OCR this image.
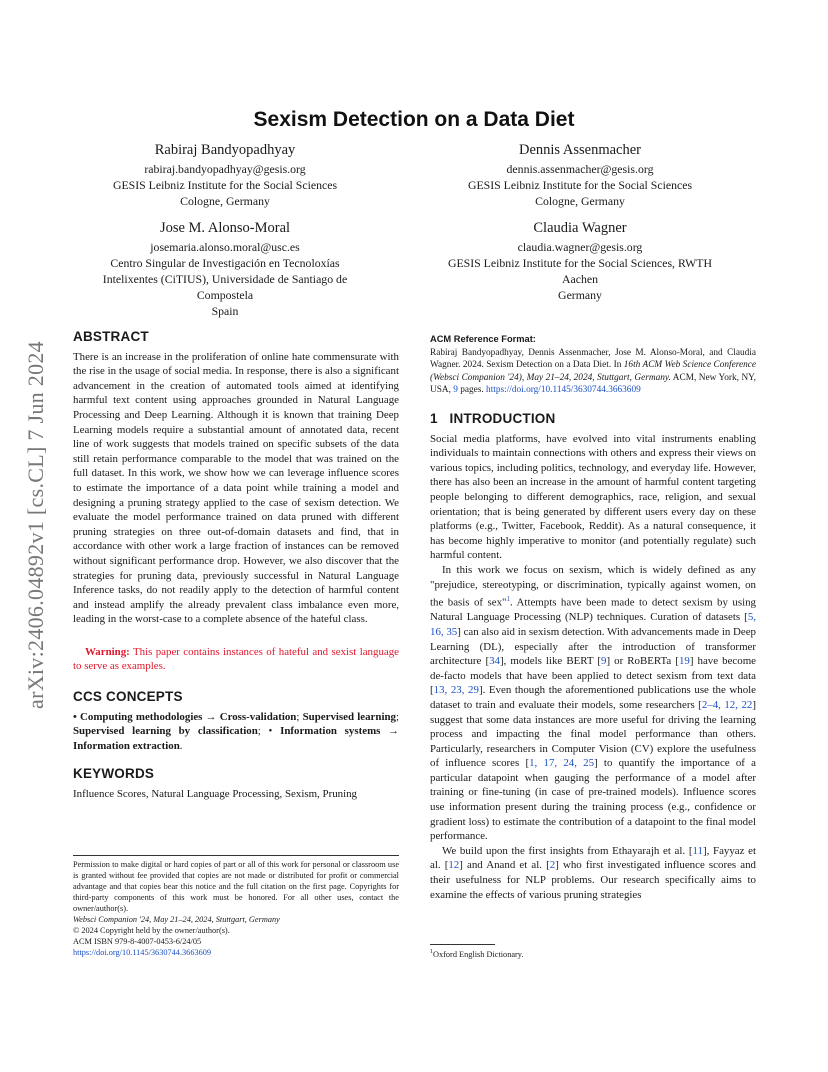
arXiv:2406.04892v1 [cs.CL] 7 Jun 2024
Sexism Detection on a Data Diet
Rabiraj Bandyopadhyay
rabiraj.bandyopadhyay@gesis.org
GESIS Leibniz Institute for the Social Sciences
Cologne, Germany
Dennis Assenmacher
dennis.assenmacher@gesis.org
GESIS Leibniz Institute for the Social Sciences
Cologne, Germany
Jose M. Alonso-Moral
josemaria.alonso.moral@usc.es
Centro Singular de Investigación en Tecnoloxías
Intelixentes (CiTIUS), Universidade de Santiago de
Compostela
Spain
Claudia Wagner
claudia.wagner@gesis.org
GESIS Leibniz Institute for the Social Sciences, RWTH
Aachen
Germany
ABSTRACT
There is an increase in the proliferation of online hate commensurate with the rise in the usage of social media. In response, there is also a significant advancement in the creation of automated tools aimed at identifying harmful text content using approaches grounded in Natural Language Processing and Deep Learning. Although it is known that training Deep Learning models require a substantial amount of annotated data, recent line of work suggests that models trained on specific subsets of the data still retain performance comparable to the model that was trained on the full dataset. In this work, we show how we can leverage influence scores to estimate the importance of a data point while training a model and designing a pruning strategy applied to the case of sexism detection. We evaluate the model performance trained on data pruned with different pruning strategies on three out-of-domain datasets and find, that in accordance with other work a large fraction of instances can be removed without significant performance drop. However, we also discover that the strategies for pruning data, previously successful in Natural Language Inference tasks, do not readily apply to the detection of harmful content and instead amplify the already prevalent class imbalance even more, leading in the worst-case to a complete absence of the hateful class.
Warning: This paper contains instances of hateful and sexist language to serve as examples.
CCS CONCEPTS
• Computing methodologies → Cross-validation; Supervised learning; Supervised learning by classification; • Information systems → Information extraction.
KEYWORDS
Influence Scores, Natural Language Processing, Sexism, Pruning
Permission to make digital or hard copies of part or all of this work for personal or classroom use is granted without fee provided that copies are not made or distributed for profit or commercial advantage and that copies bear this notice and the full citation on the first page. Copyrights for third-party components of this work must be honored. For all other uses, contact the owner/author(s).
Websci Companion '24, May 21–24, 2024, Stuttgart, Germany
© 2024 Copyright held by the owner/author(s).
ACM ISBN 979-8-4007-0453-6/24/05
https://doi.org/10.1145/3630744.3663609
ACM Reference Format:
Rabiraj Bandyopadhyay, Dennis Assenmacher, Jose M. Alonso-Moral, and Claudia Wagner. 2024. Sexism Detection on a Data Diet. In 16th ACM Web Science Conference (Websci Companion '24), May 21–24, 2024, Stuttgart, Germany. ACM, New York, NY, USA, 9 pages. https://doi.org/10.1145/3630744.3663609
1   INTRODUCTION
Social media platforms, have evolved into vital instruments enabling individuals to maintain connections with others and express their views on various topics, including politics, technology, and everyday life. However, there has also been an increase in the amount of harmful content targeting people belonging to different demographics, race, religion, and sexual orientation; that is being generated by different users every day on these platforms (e.g., Twitter, Facebook, Reddit). As a natural consequence, it has become highly imperative to monitor (and potentially regulate) such harmful content.
In this work we focus on sexism, which is widely defined as any "prejudice, stereotyping, or discrimination, typically against women, on the basis of sex"$^1$. Attempts have been made to detect sexism by using Natural Language Processing (NLP) techniques. Curation of datasets [5, 16, 35] can also aid in sexism detection. With advancements made in Deep Learning (DL), especially after the introduction of transformer architecture [34], models like BERT [9] or RoBERTa [19] have become de-facto models that have been applied to detect sexism from text data [13, 23, 29]. Even though the aforementioned publications use the whole dataset to train and evaluate their models, some researchers [2–4, 12, 22] suggest that some data instances are more useful for driving the learning process and impacting the final model performance than others. Particularly, researchers in Computer Vision (CV) explore the usefulness of influence scores [1, 17, 24, 25] to quantify the importance of a particular datapoint when gauging the performance of a model after training or fine-tuning (in case of pre-trained models). Influence scores use information present during the training process (e.g., confidence or gradient loss) to estimate the contribution of a datapoint to the final model performance.
We build upon the first insights from Ethayarajh et al. [11], Fayyaz et al. [12] and Anand et al. [2] who first investigated influence scores and their usefulness for NLP problems. Our research specifically aims to examine the effects of various pruning strategies
$^1$Oxford English Dictionary.
